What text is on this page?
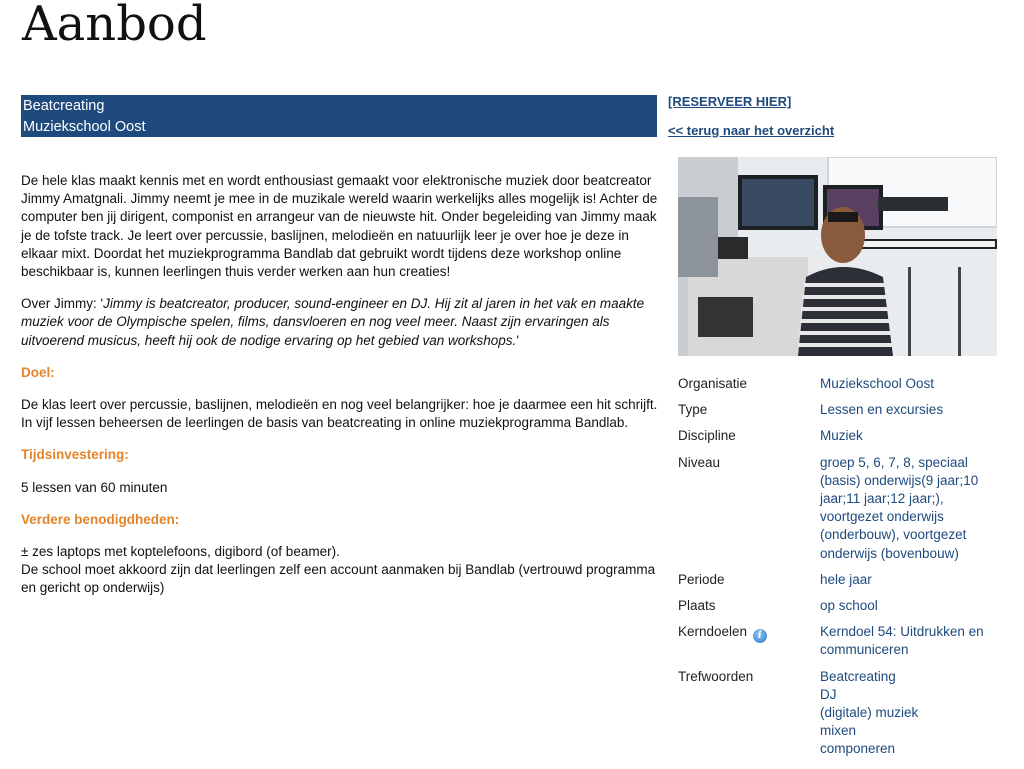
Aanbod
Beatcreating
Muziekschool Oost
[RESERVEER HIER]
<< terug naar het overzicht

De hele klas maakt kennis met en wordt enthousiast gemaakt voor elektronische muziek door beatcreator Jimmy Amatgnali. Jimmy neemt je mee in de muzikale wereld waarin werkelijks alles mogelijk is! Achter de computer ben jij dirigent, componist en arrangeur van de nieuwste hit. Onder begeleiding van Jimmy maak je de tofste track. Je leert over percussie, baslijnen, melodieën en natuurlijk leer je over hoe je deze in elkaar mixt. Doordat het muziekprogramma Bandlab dat gebruikt wordt tijdens deze workshop online beschikbaar is, kunnen leerlingen thuis verder werken aan hun creaties!

Over Jimmy: 'Jimmy is beatcreator, producer, sound-engineer en DJ. Hij zit al jaren in het vak en maakte muziek voor de Olympische spelen, films, dansvloeren en nog veel meer. Naast zijn ervaringen als uitvoerend musicus, heeft hij ook de nodige ervaring op het gebied van workshops.'

Doel:

De klas leert over percussie, baslijnen, melodieën en nog veel belangrijker: hoe je daarmee een hit schrijft. In vijf lessen beheersen de leerlingen de basis van beatcreating in online muziekprogramma Bandlab.

Tijdsinvestering:

5 lessen van 60 minuten

Verdere benodigdheden:

± zes laptops met koptelefoons, digibord (of beamer).
De school moet akkoord zijn dat leerlingen zelf een account aanmaken bij Bandlab (vertrouwd programma en gericht op onderwijs)

Organisatie	Muziekschool Oost
Type	Lessen en excursies
Discipline	Muziek
Niveau	groep 5, 6, 7, 8, speciaal (basis) onderwijs(9 jaar;10 jaar;11 jaar;12 jaar;), voortgezet onderwijs (onderbouw), voortgezet onderwijs (bovenbouw)
Periode	hele jaar
Plaats	op school
Kerndoelen i	Kerndoel 54: Uitdrukken en communiceren
Trefwoorden	Beatcreating
DJ
(digitale) muziek
mixen
componeren
